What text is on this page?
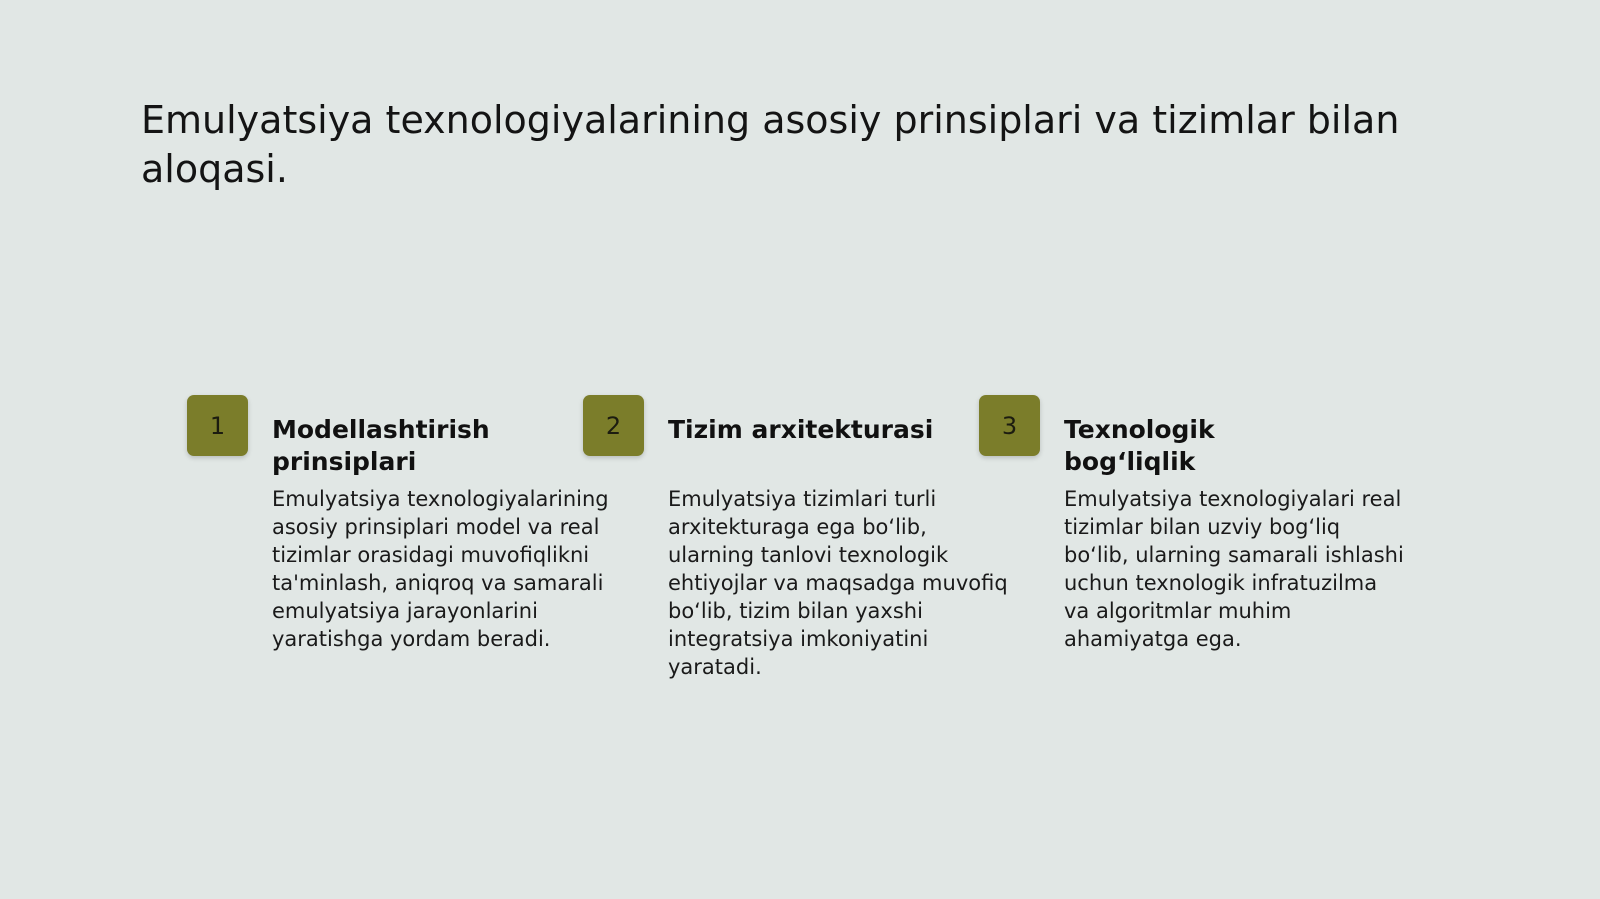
Emulyatsiya texnologiyalarining asosiy prinsiplari va tizimlar bilan aloqasi.
1	Modellashtirish prinsiplari

Emulyatsiya texnologiyalarining asosiy prinsiplari model va real tizimlar orasidagi muvofiqlikni ta'minlash, aniqroq va samarali emulyatsiya jarayonlarini yaratishga yordam beradi.

2	Tizim arxitekturasi

Emulyatsiya tizimlari turli arxitekturaga ega bo‘lib, ularning tanlovi texnologik ehtiyojlar va maqsadga muvofiq bo‘lib, tizim bilan yaxshi integratsiya imkoniyatini yaratadi.

3	Texnologik bog‘liqlik

Emulyatsiya texnologiyalari real tizimlar bilan uzviy bog‘liq bo‘lib, ularning samarali ishlashi uchun texnologik infratuzilma va algoritmlar muhim ahamiyatga ega.
